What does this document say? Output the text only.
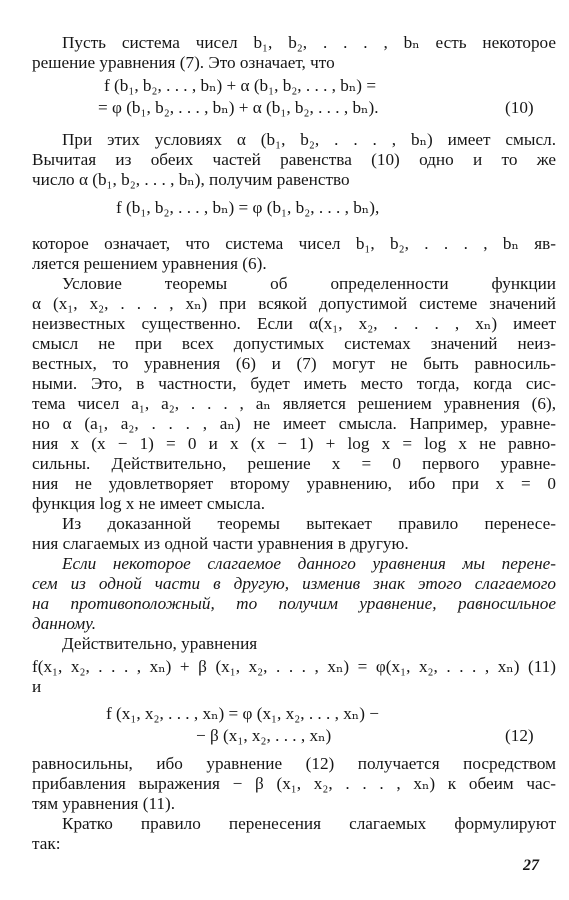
Пусть система чисел b₁, b₂, . . . , bₙ есть некоторое
решение уравнения (7). Это означает, что
f (b₁, b₂, . . . , bₙ) + α (b₁, b₂, . . . , bₙ) =
= φ (b₁, b₂, . . . , bₙ) + α (b₁, b₂, . . . , bₙ).
При этих условиях α (b₁, b₂, . . . , bₙ) имеет смысл.
Вычитая из обеих частей равенства (10) одно и то же
число α (b₁, b₂, . . . , bₙ), получим равенство
f (b₁, b₂, . . . , bₙ) = φ (b₁, b₂, . . . , bₙ),
которое означает, что система чисел b₁, b₂, . . . , bₙ яв-
ляется решением уравнения (6).
Условие теоремы об определенности функции
α (x₁, x₂, . . . , xₙ) при всякой допустимой системе значений
неизвестных существенно. Если α(x₁, x₂, . . . , xₙ) имеет
смысл не при всех допустимых системах значений неиз-
вестных, то уравнения (6) и (7) могут не быть равносиль-
ными. Это, в частности, будет иметь место тогда, когда сис-
тема чисел a₁, a₂, . . . , aₙ является решением уравнения (6),
но α (a₁, a₂, . . . , aₙ) не имеет смысла. Например, уравне-
ния x (x − 1) = 0 и x (x − 1) + log x = log x не равно-
сильны. Действительно, решение x = 0 первого уравне-
ния не удовлетворяет второму уравнению, ибо при x = 0
функция log x не имеет смысла.
Из доказанной теоремы вытекает правило перенесе-
ния слагаемых из одной части уравнения в другую.
Если некоторое слагаемое данного уравнения мы перене-
сем из одной части в другую, изменив знак этого слагаемого
на противоположный, то получим уравнение, равносильное
данному.
Действительно, уравнения
f(x₁, x₂, . . . , xₙ) + β (x₁, x₂, . . . , xₙ) = φ(x₁, x₂, . . . , xₙ) (11)
и
f (x₁, x₂, . . . , xₙ) = φ (x₁, x₂, . . . , xₙ) −
− β (x₁, x₂, . . . , xₙ)
равносильны, ибо уравнение (12) получается посредством
прибавления выражения − β (x₁, x₂, . . . , xₙ) к обеим час-
тям уравнения (11).
Кратко правило перенесения слагаемых формулируют
так:
(10)
(12)
27
